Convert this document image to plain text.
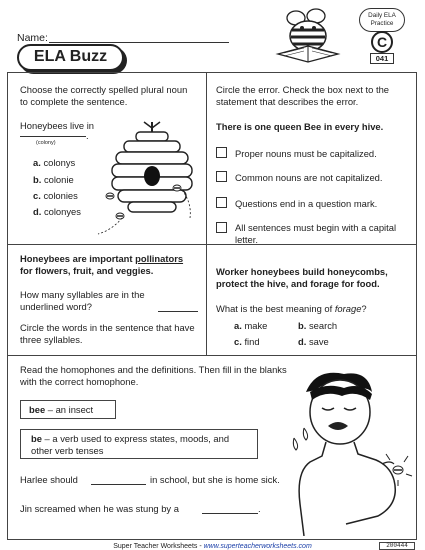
Name:
ELA Buzz
Daily ELA
Practice
C
041
Choose the correctly spelled plural noun to complete the sentence.
Honeybees live in
.
(colony)
a. colonys
b. colonie
c. colonies
d. colonyes
Circle the error. Check the box next to the statement that describes the error.
There is one queen Bee in every hive.
Proper nouns must be capitalized.
Common nouns are not capitalized.
Questions end in a question mark.
All sentences must begin with a capital letter.
Honeybees are important pollinators
for flowers, fruit, and veggies.
How many syllables are in the underlined word?
Circle the words in the sentence that have three syllables.
Worker honeybees build honeycombs, protect the hive, and forage for food.
What is the best meaning of forage?
a. make	b. search
c. find	d. save
Read the homophones and the definitions. Then fill in the blanks with the correct homophone.
bee – an insect
be – a verb used to express states, moods, and other verb tenses
Harlee should	in school, but she is home sick.
Jin screamed when he was stung by a	.
Super Teacher Worksheets - www.superteacherworksheets.com	200444
